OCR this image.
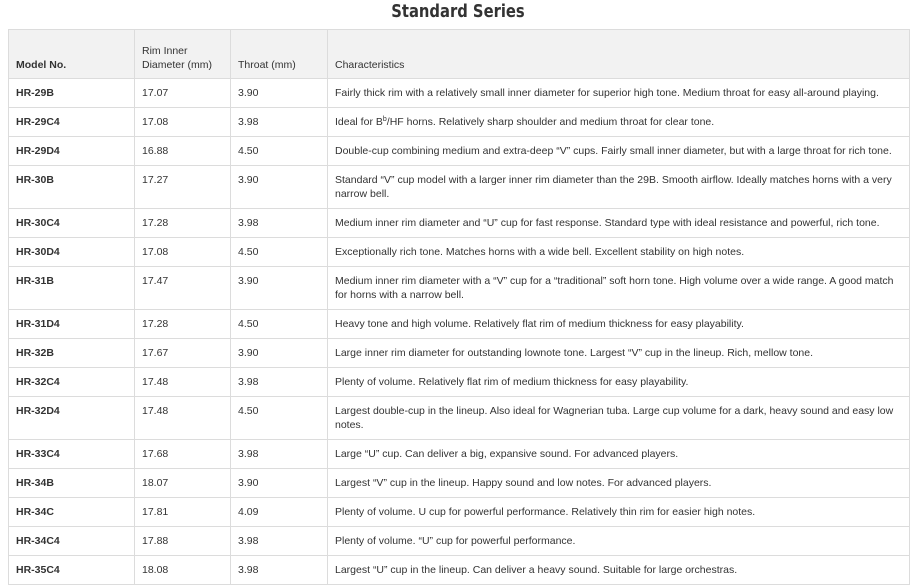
Standard Series
Model No.	Rim Inner Diameter (mm)	Throat (mm)	Characteristics
HR-29B	17.07	3.90	Fairly thick rim with a relatively small inner diameter for superior high tone. Medium throat for easy all-around playing.
HR-29C4	17.08	3.98	Ideal for $B^b/HF$ horns. Relatively sharp shoulder and medium throat for clear tone.
HR-29D4	16.88	4.50	Double-cup combining medium and extra-deep “V” cups. Fairly small inner diameter, but with a large throat for rich tone.
HR-30B	17.27	3.90	Standard “V” cup model with a larger inner rim diameter than the 29B. Smooth airflow. Ideally matches horns with a very narrow bell.
HR-30C4	17.28	3.98	Medium inner rim diameter and “U” cup for fast response. Standard type with ideal resistance and powerful, rich tone.
HR-30D4	17.08	4.50	Exceptionally rich tone. Matches horns with a wide bell. Excellent stability on high notes.
HR-31B	17.47	3.90	Medium inner rim diameter with a “V” cup for a “traditional” soft horn tone. High volume over a wide range. A good match for horns with a narrow bell.
HR-31D4	17.28	4.50	Heavy tone and high volume. Relatively flat rim of medium thickness for easy playability.
HR-32B	17.67	3.90	Large inner rim diameter for outstanding lownote tone. Largest “V” cup in the lineup. Rich, mellow tone.
HR-32C4	17.48	3.98	Plenty of volume. Relatively flat rim of medium thickness for easy playability.
HR-32D4	17.48	4.50	Largest double-cup in the lineup. Also ideal for Wagnerian tuba. Large cup volume for a dark, heavy sound and easy low notes.
HR-33C4	17.68	3.98	Large “U” cup. Can deliver a big, expansive sound. For advanced players.
HR-34B	18.07	3.90	Largest “V” cup in the lineup. Happy sound and low notes. For advanced players.
HR-34C	17.81	4.09	Plenty of volume. U cup for powerful performance. Relatively thin rim for easier high notes.
HR-34C4	17.88	3.98	Plenty of volume. “U” cup for powerful performance.
HR-35C4	18.08	3.98	Largest “U” cup in the lineup. Can deliver a heavy sound. Suitable for large orchestras.
